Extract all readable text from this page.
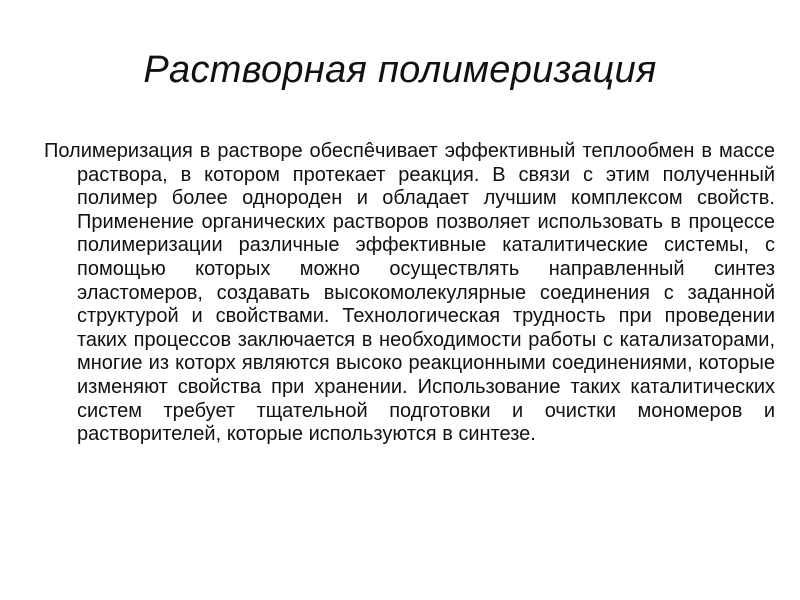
Растворная полимеризация

Полимеризация в растворе обеспêчивает эффективный теплообмен в массе раствора, в котором протекает реакция. В связи с этим полученный полимер более однороден и обладает лучшим комплексом свойств. Применение органических растворов позволяет использовать в процессе полимеризации различные эффективные каталитические системы, с помощью которых можно осуществлять направленный синтез эластомеров, создавать высокомолекулярные соединения с заданной структурой и свойствами. Технологическая трудность при проведении таких процессов заключается в необходимости работы с катализаторами, многие из которх являются высоко реакционными соединениями, которые изменяют свойства при хранении. Использование таких каталитических систем требует тщательной подготовки и очистки мономеров и растворителей, которые используются в синтезе.
